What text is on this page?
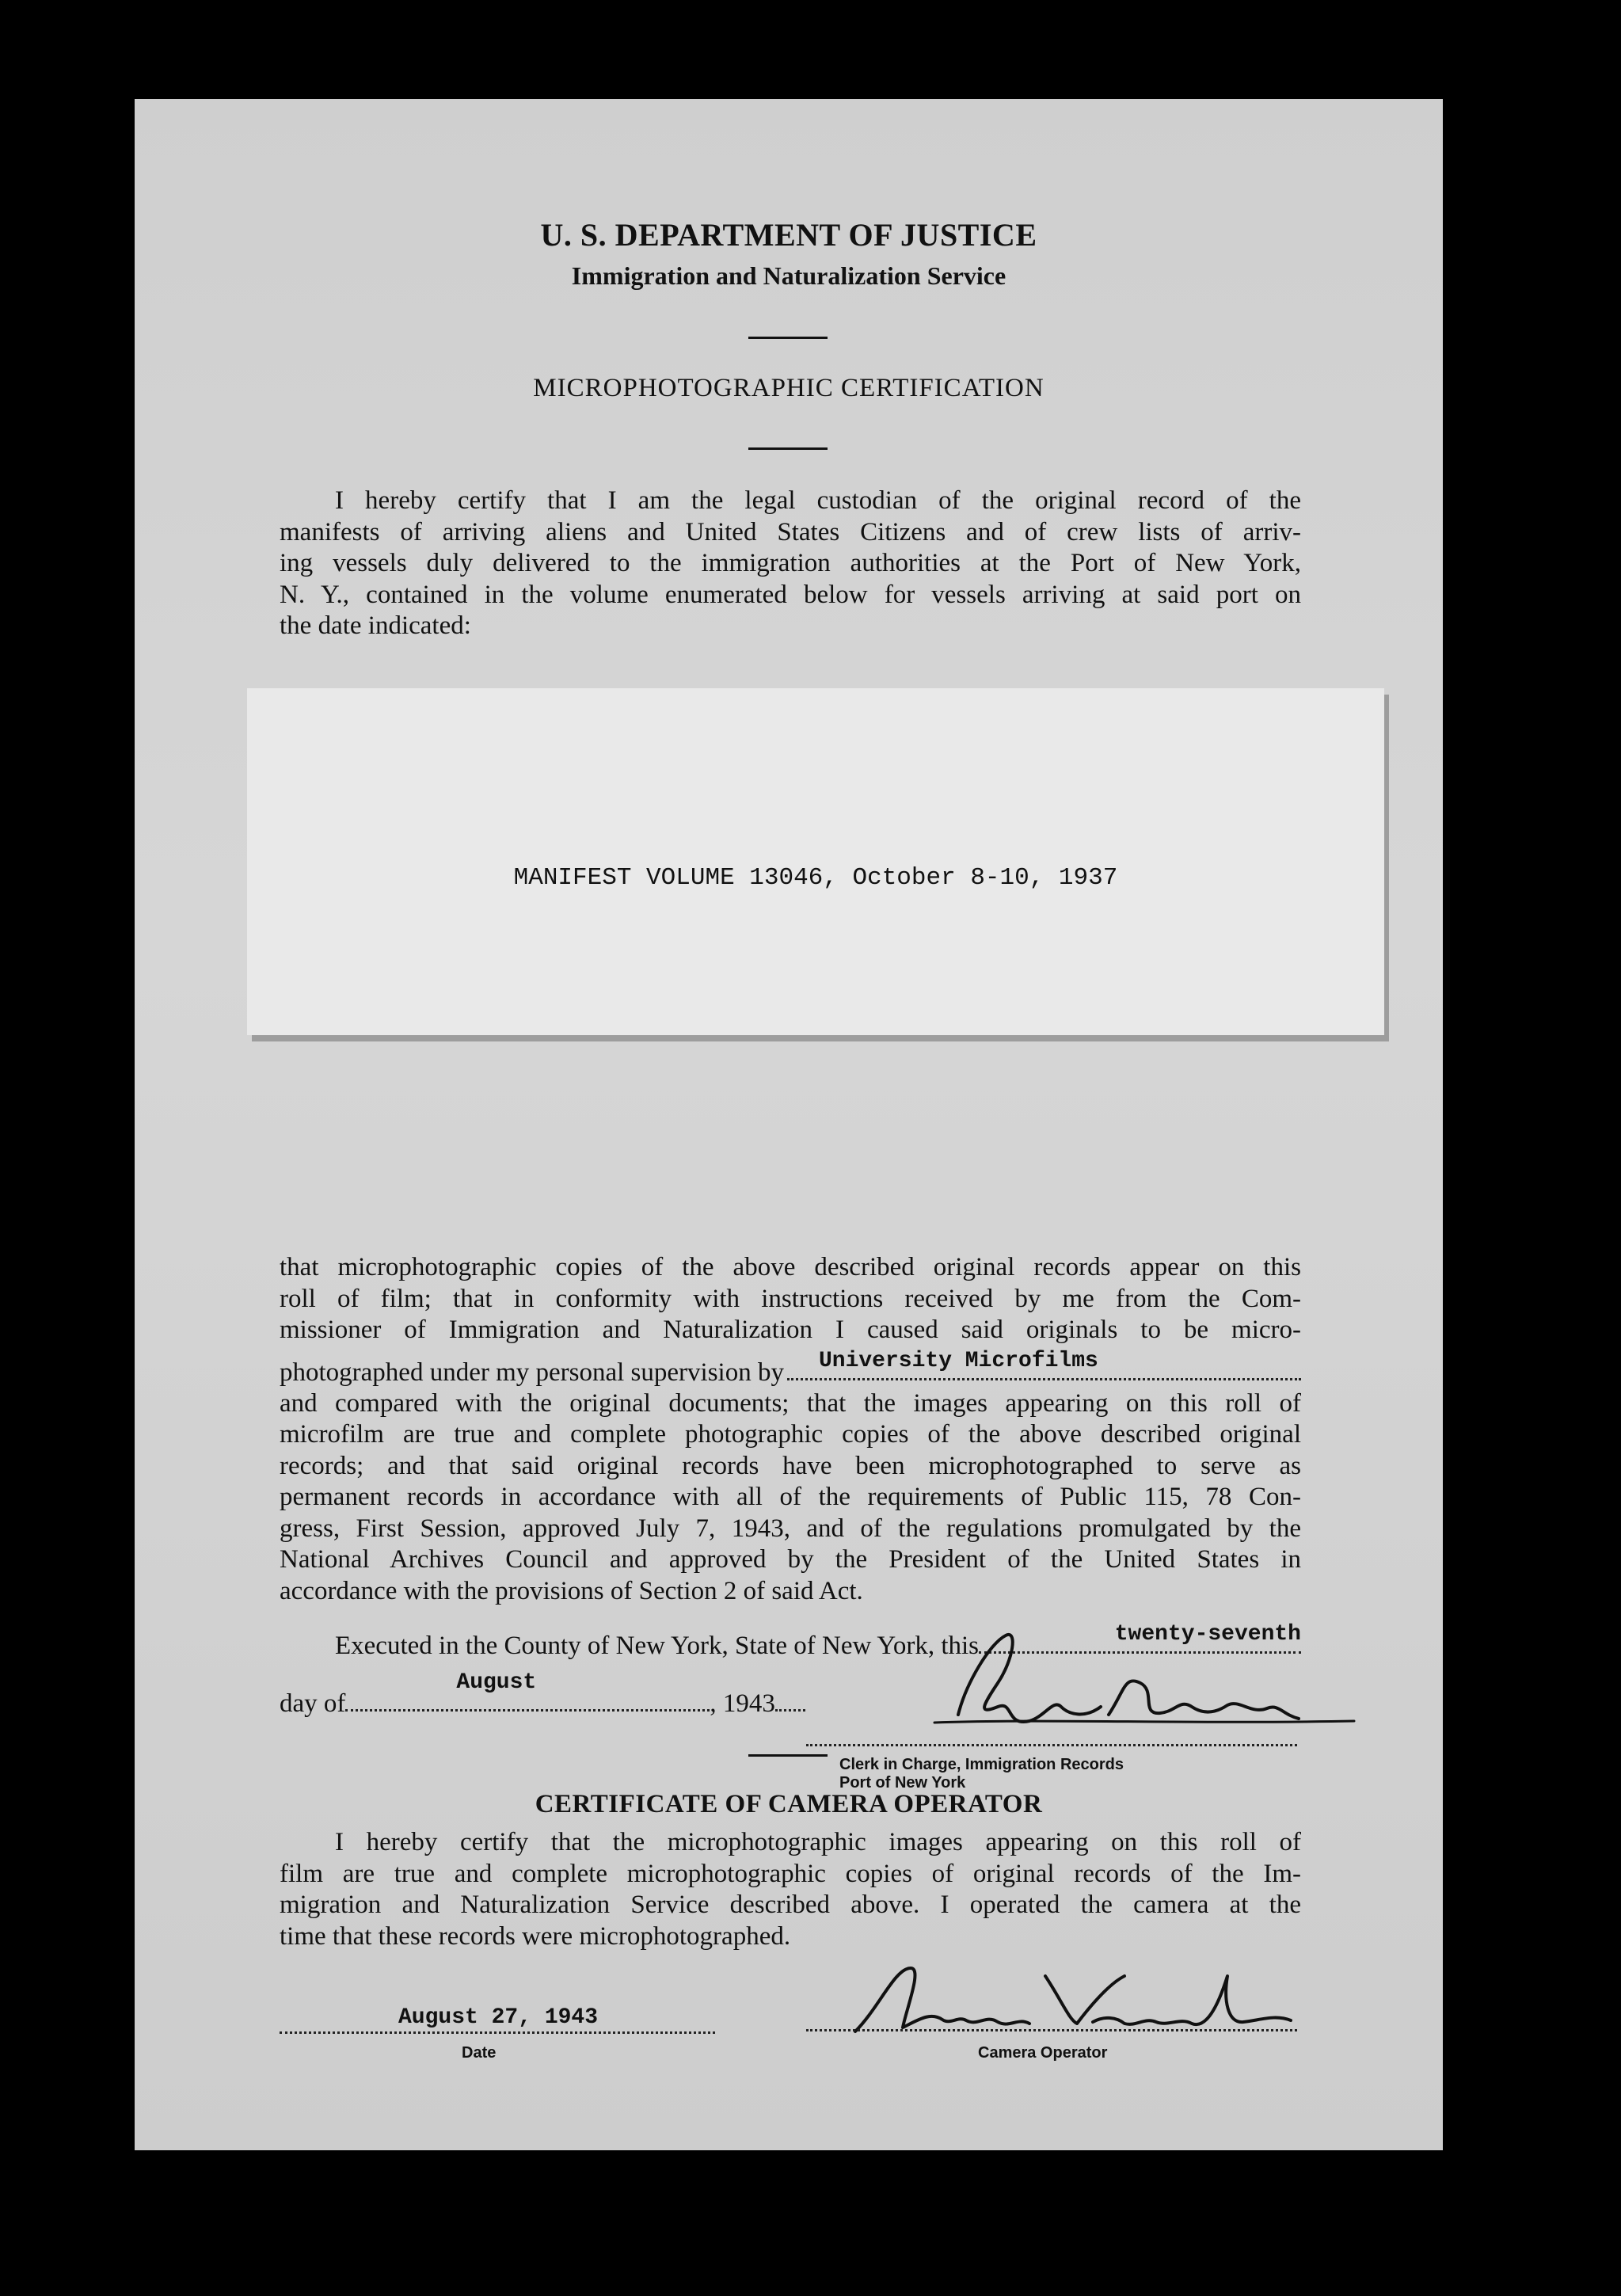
U. S. DEPARTMENT OF JUSTICE
Immigration and Naturalization Service
MICROPHOTOGRAPHIC CERTIFICATION
I hereby certify that I am the legal custodian of the original record of the
manifests of arriving aliens and United States Citizens and of crew lists of arriv-
ing vessels duly delivered to the immigration authorities at the Port of New York,
N. Y., contained in the volume enumerated below for vessels arriving at said port on
the date indicated:
MANIFEST VOLUME 13046, October 8-10, 1937
that microphotographic copies of the above described original records appear on this
roll of film; that in conformity with instructions received by me from the Com-
missioner of Immigration and Naturalization I caused said originals to be micro-
photographed under my personal supervision by University Microfilms
and compared with the original documents; that the images appearing on this roll of
microfilm are true and complete photographic copies of the above described original
records; and that said original records have been microphotographed to serve as
permanent records in accordance with all of the requirements of Public 115, 78 Con-
gress, First Session, approved July 7, 1943, and of the regulations promulgated by the
National Archives Council and approved by the President of the United States in
accordance with the provisions of Section 2 of said Act.
Executed in the County of New York, State of New York, this	twenty-seventh
day of
August
, 1943
Clerk in Charge, Immigration Records
Port of New York
CERTIFICATE OF CAMERA OPERATOR
I hereby certify that the microphotographic images appearing on this roll of
film are true and complete microphotographic copies of original records of the Im-
migration and Naturalization Service described above. I operated the camera at the
time that these records were microphotographed.
August 27, 1943
Date	Camera Operator
